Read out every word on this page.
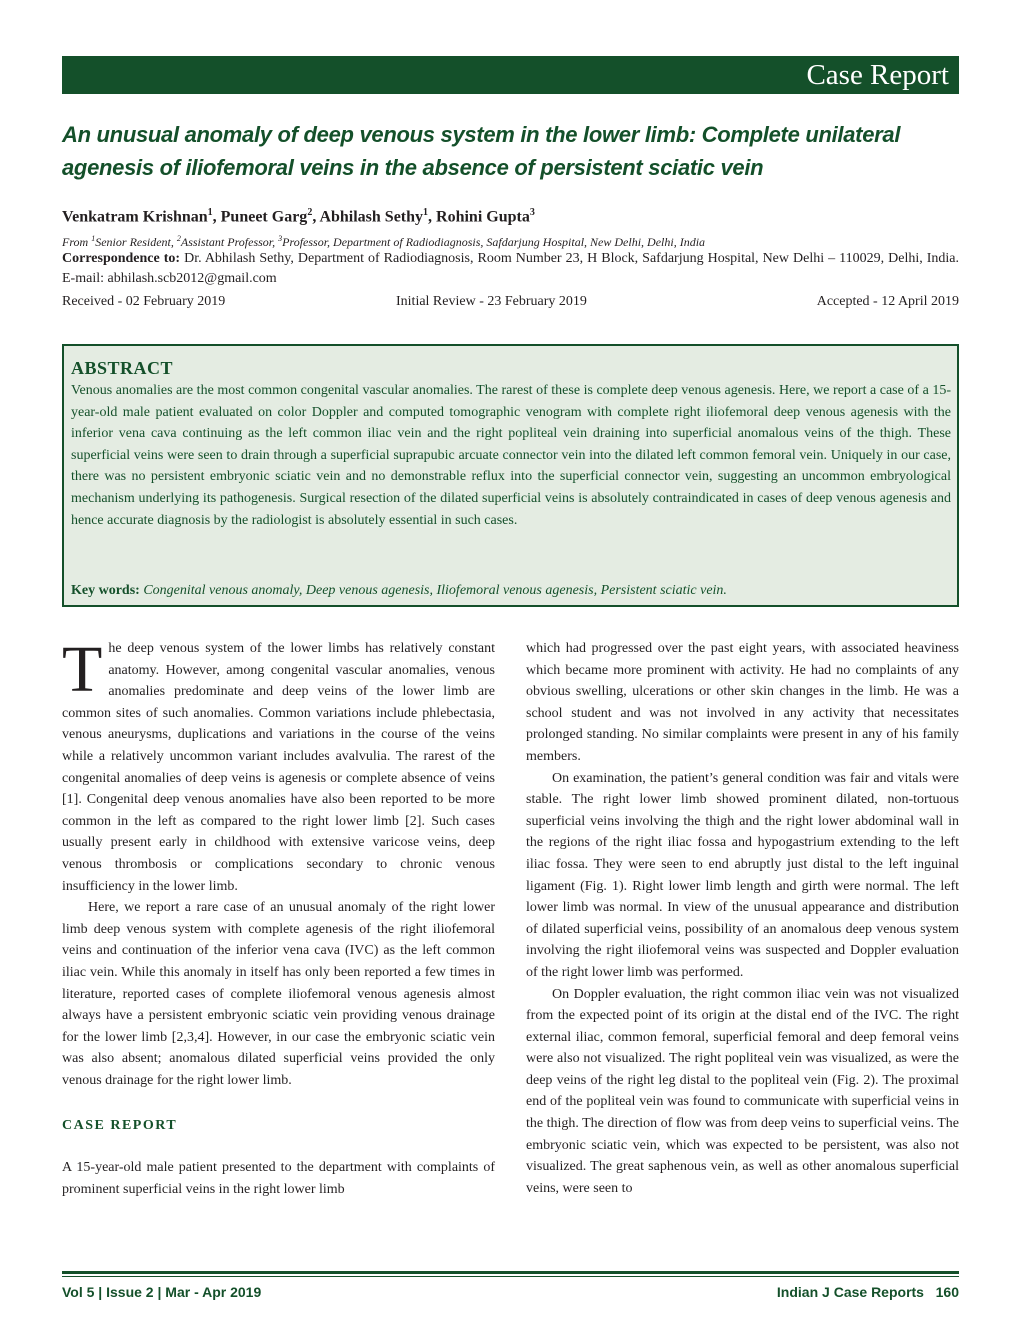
Case Report
An unusual anomaly of deep venous system in the lower limb: Complete unilateral agenesis of iliofemoral veins in the absence of persistent sciatic vein
Venkatram Krishnan$^1$, Puneet Garg$^2$, Abhilash Sethy$^1$, Rohini Gupta$^3$
From $^1$Senior Resident, $^2$Assistant Professor, $^3$Professor, Department of Radiodiagnosis, Safdarjung Hospital, New Delhi, Delhi, India
Correspondence to: Dr. Abhilash Sethy, Department of Radiodiagnosis, Room Number 23, H Block, Safdarjung Hospital, New Delhi – 110029, Delhi, India. E-mail: abhilash.scb2012@gmail.com
Received - 02 February 2019	Initial Review - 23 February 2019	Accepted - 12 April 2019
ABSTRACT

Venous anomalies are the most common congenital vascular anomalies. The rarest of these is complete deep venous agenesis. Here, we report a case of a 15-year-old male patient evaluated on color Doppler and computed tomographic venogram with complete right iliofemoral deep venous agenesis with the inferior vena cava continuing as the left common iliac vein and the right popliteal vein draining into superficial anomalous veins of the thigh. These superficial veins were seen to drain through a superficial suprapubic arcuate connector vein into the dilated left common femoral vein. Uniquely in our case, there was no persistent embryonic sciatic vein and no demonstrable reflux into the superficial connector vein, suggesting an uncommon embryological mechanism underlying its pathogenesis. Surgical resection of the dilated superficial veins is absolutely contraindicated in cases of deep venous agenesis and hence accurate diagnosis by the radiologist is absolutely essential in such cases.

Key words: Congenital venous anomaly, Deep venous agenesis, Iliofemoral venous agenesis, Persistent sciatic vein.

The deep venous system of the lower limbs has relatively constant anatomy. However, among congenital vascular anomalies, venous anomalies predominate and deep veins of the lower limb are common sites of such anomalies. Common variations include phlebectasia, venous aneurysms, duplications and variations in the course of the veins while a relatively uncommon variant includes avalvulia. The rarest of the congenital anomalies of deep veins is agenesis or complete absence of veins [1]. Congenital deep venous anomalies have also been reported to be more common in the left as compared to the right lower limb [2]. Such cases usually present early in childhood with extensive varicose veins, deep venous thrombosis or complications secondary to chronic venous insufficiency in the lower limb.

Here, we report a rare case of an unusual anomaly of the right lower limb deep venous system with complete agenesis of the right iliofemoral veins and continuation of the inferior vena cava (IVC) as the left common iliac vein. While this anomaly in itself has only been reported a few times in literature, reported cases of complete iliofemoral venous agenesis almost always have a persistent embryonic sciatic vein providing venous drainage for the lower limb [2,3,4]. However, in our case the embryonic sciatic vein was also absent; anomalous dilated superficial veins provided the only venous drainage for the right lower limb.

CASE REPORT

A 15-year-old male patient presented to the department with complaints of prominent superficial veins in the right lower limb

which had progressed over the past eight years, with associated heaviness which became more prominent with activity. He had no complaints of any obvious swelling, ulcerations or other skin changes in the limb. He was a school student and was not involved in any activity that necessitates prolonged standing. No similar complaints were present in any of his family members.

On examination, the patient’s general condition was fair and vitals were stable. The right lower limb showed prominent dilated, non-tortuous superficial veins involving the thigh and the right lower abdominal wall in the regions of the right iliac fossa and hypogastrium extending to the left iliac fossa. They were seen to end abruptly just distal to the left inguinal ligament (Fig. 1). Right lower limb length and girth were normal. The left lower limb was normal. In view of the unusual appearance and distribution of dilated superficial veins, possibility of an anomalous deep venous system involving the right iliofemoral veins was suspected and Doppler evaluation of the right lower limb was performed.

On Doppler evaluation, the right common iliac vein was not visualized from the expected point of its origin at the distal end of the IVC. The right external iliac, common femoral, superficial femoral and deep femoral veins were also not visualized. The right popliteal vein was visualized, as were the deep veins of the right leg distal to the popliteal vein (Fig. 2). The proximal end of the popliteal vein was found to communicate with superficial veins in the thigh. The direction of flow was from deep veins to superficial veins. The embryonic sciatic vein, which was expected to be persistent, was also not visualized. The great saphenous vein, as well as other anomalous superficial veins, were seen to

Vol 5 | Issue 2 | Mar - Apr 2019	Indian J Case Reports   160
